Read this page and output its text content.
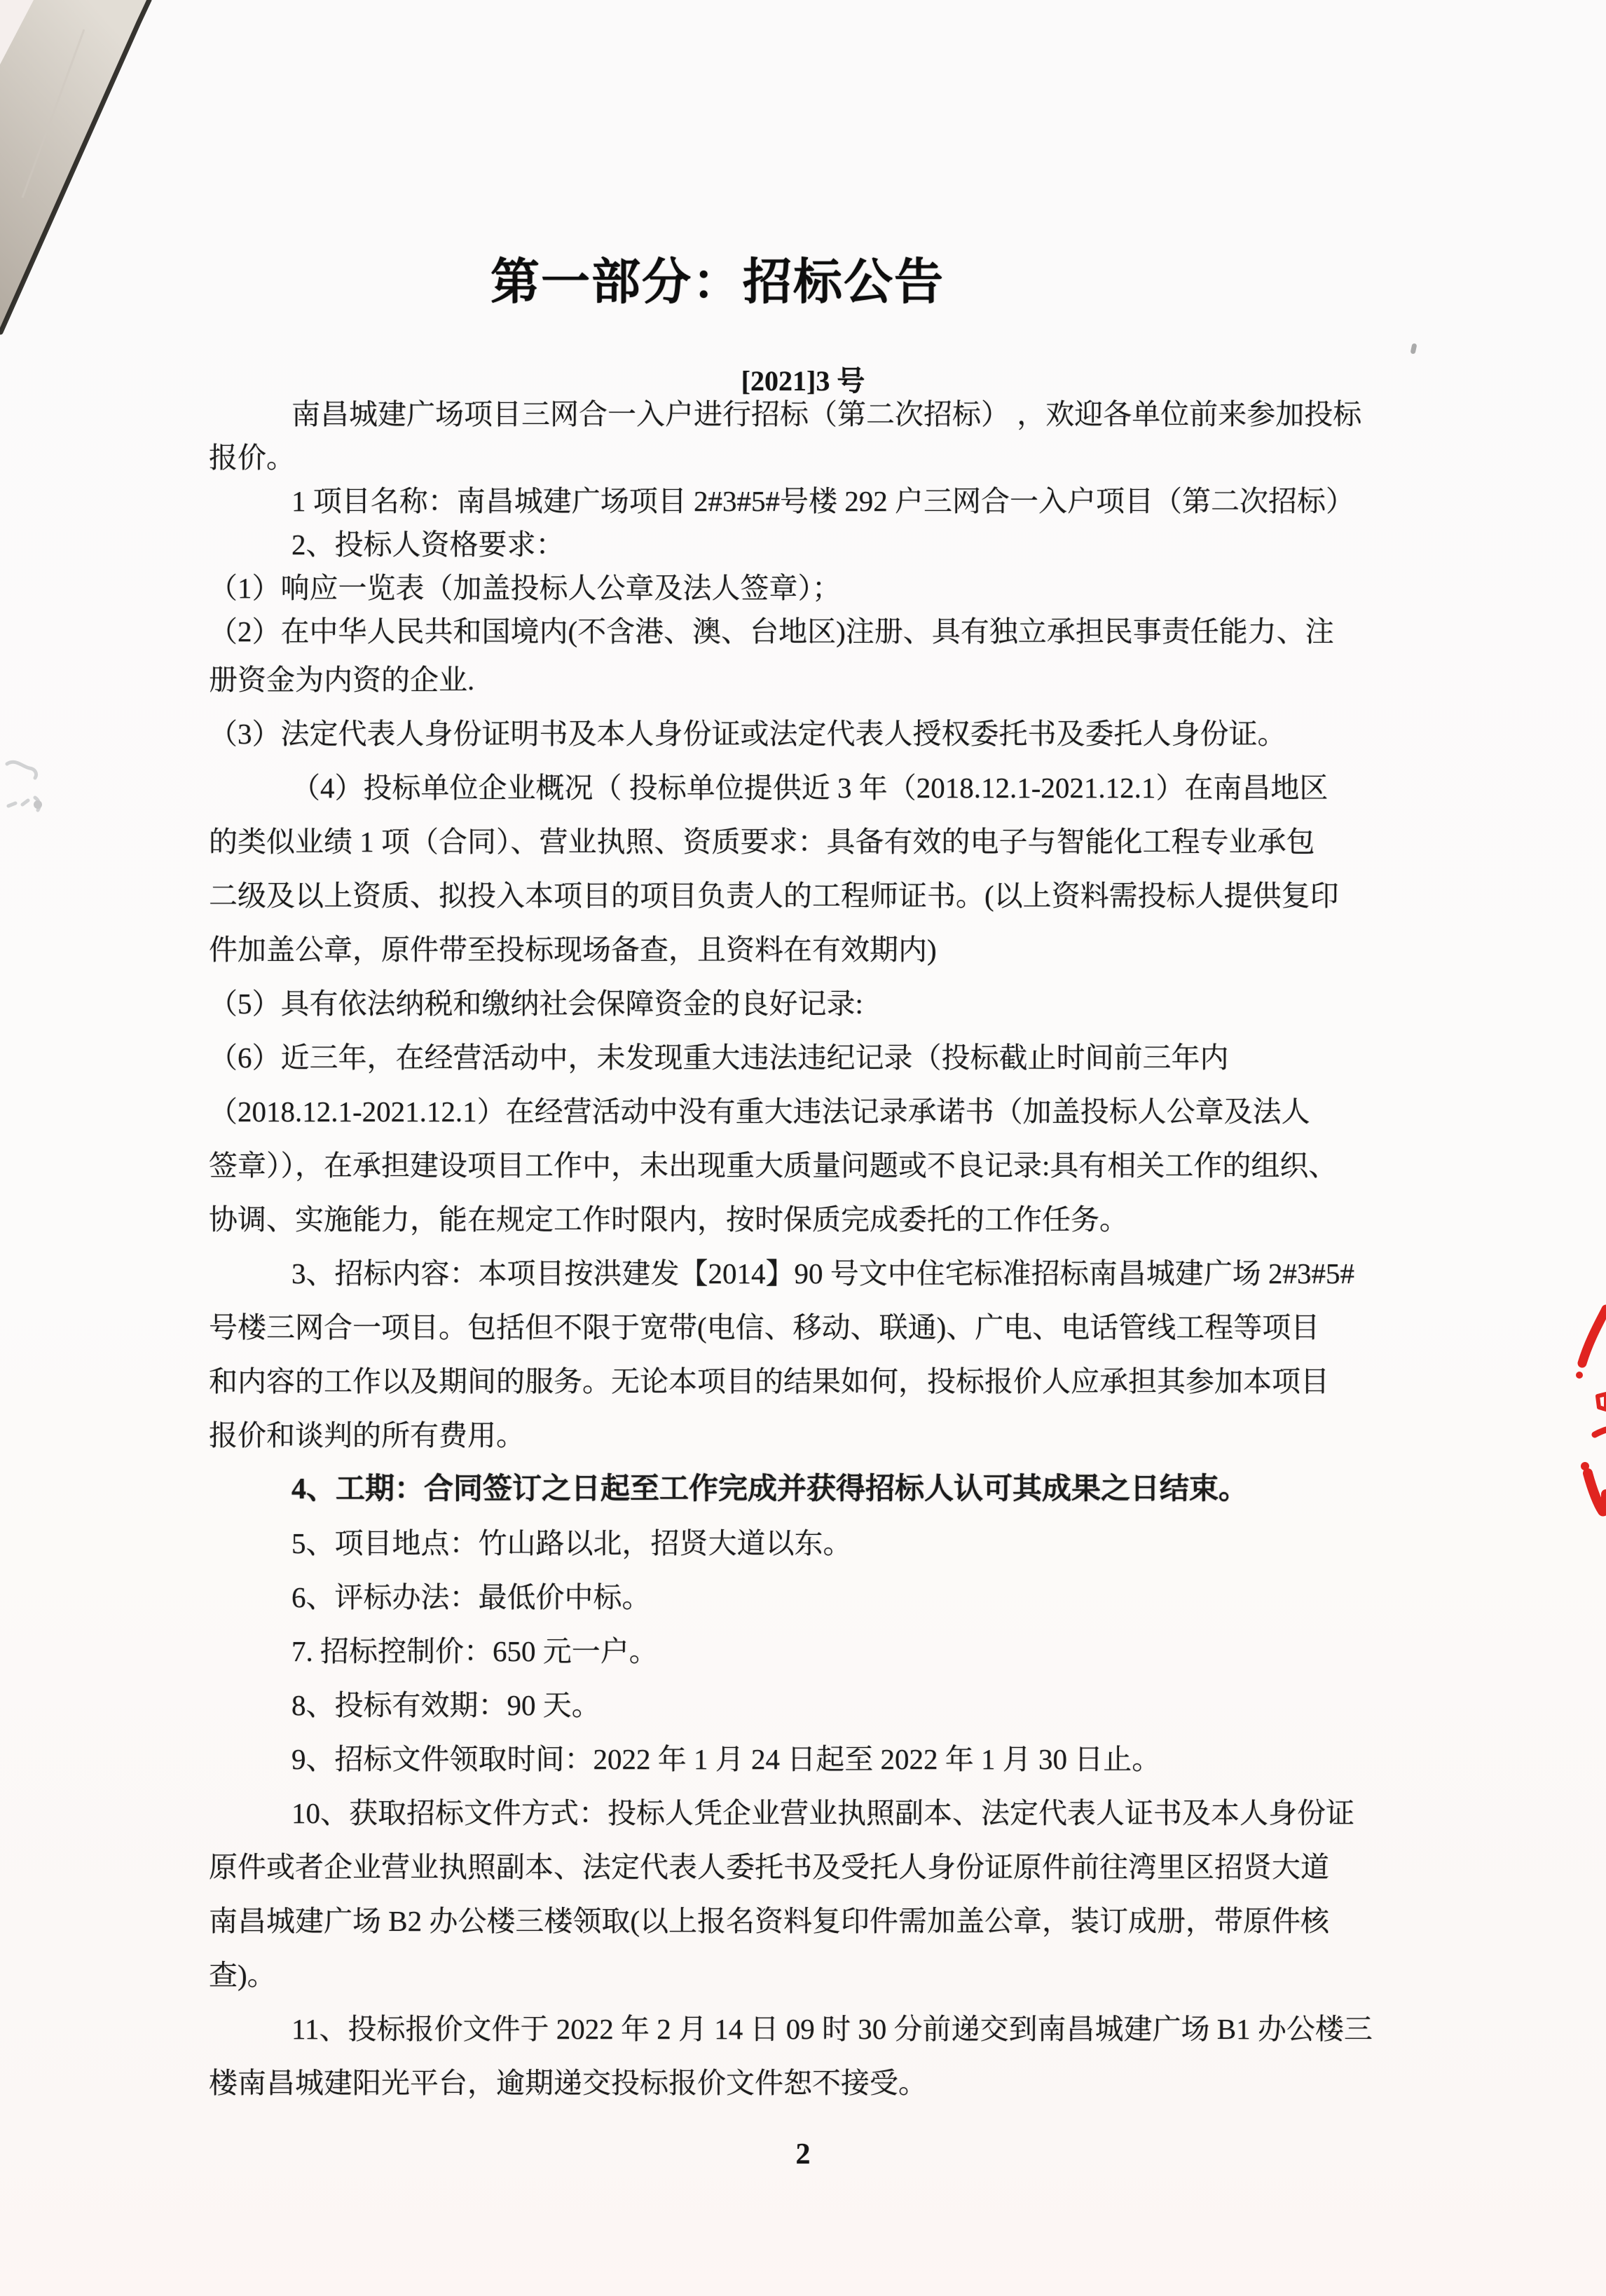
第一部分：招标公告
[2021]3 号
南昌城建广场项目三网合一入户进行招标（第二次招标） ，欢迎各单位前来参加投标
报价。
1 项目名称：南昌城建广场项目 2#3#5#号楼 292 户三网合一入户项目（第二次招标）
2、投标人资格要求：
（1）响应一览表（加盖投标人公章及法人签章）；
（2）在中华人民共和国境内(不含港、澳、台地区)注册、具有独立承担民事责任能力、注
册资金为内资的企业.
（3）法定代表人身份证明书及本人身份证或法定代表人授权委托书及委托人身份证。
（4）投标单位企业概况（ 投标单位提供近 3 年（2018.12.1-2021.12.1）在南昌地区
的类似业绩 1 项（合同）、营业执照、资质要求：具备有效的电子与智能化工程专业承包
二级及以上资质、拟投入本项目的项目负责人的工程师证书。(以上资料需投标人提供复印
件加盖公章，原件带至投标现场备查，且资料在有效期内)
（5）具有依法纳税和缴纳社会保障资金的良好记录:
（6）近三年，在经营活动中，未发现重大违法违纪记录（投标截止时间前三年内
（2018.12.1-2021.12.1）在经营活动中没有重大违法记录承诺书（加盖投标人公章及法人
签章）），在承担建设项目工作中，未出现重大质量问题或不良记录:具有相关工作的组织、
协调、实施能力，能在规定工作时限内，按时保质完成委托的工作任务。
3、招标内容：本项目按洪建发【2014】90 号文中住宅标准招标南昌城建广场 2#3#5#
号楼三网合一项目。包括但不限于宽带(电信、移动、联通)、广电、电话管线工程等项目
和内容的工作以及期间的服务。无论本项目的结果如何，投标报价人应承担其参加本项目
报价和谈判的所有费用。
4、工期：合同签订之日起至工作完成并获得招标人认可其成果之日结束。
5、项目地点：竹山路以北，招贤大道以东。
6、评标办法：最低价中标。
7. 招标控制价：650 元一户。
8、投标有效期：90 天。
9、招标文件领取时间：2022 年 1 月 24 日起至 2022 年 1 月 30 日止。
10、获取招标文件方式：投标人凭企业营业执照副本、法定代表人证书及本人身份证
原件或者企业营业执照副本、法定代表人委托书及受托人身份证原件前往湾里区招贤大道
南昌城建广场 B2 办公楼三楼领取(以上报名资料复印件需加盖公章，装订成册，带原件核
查)。
11、投标报价文件于 2022 年 2 月 14 日 09 时 30 分前递交到南昌城建广场 B1 办公楼三
楼南昌城建阳光平台，逾期递交投标报价文件恕不接受。
2
